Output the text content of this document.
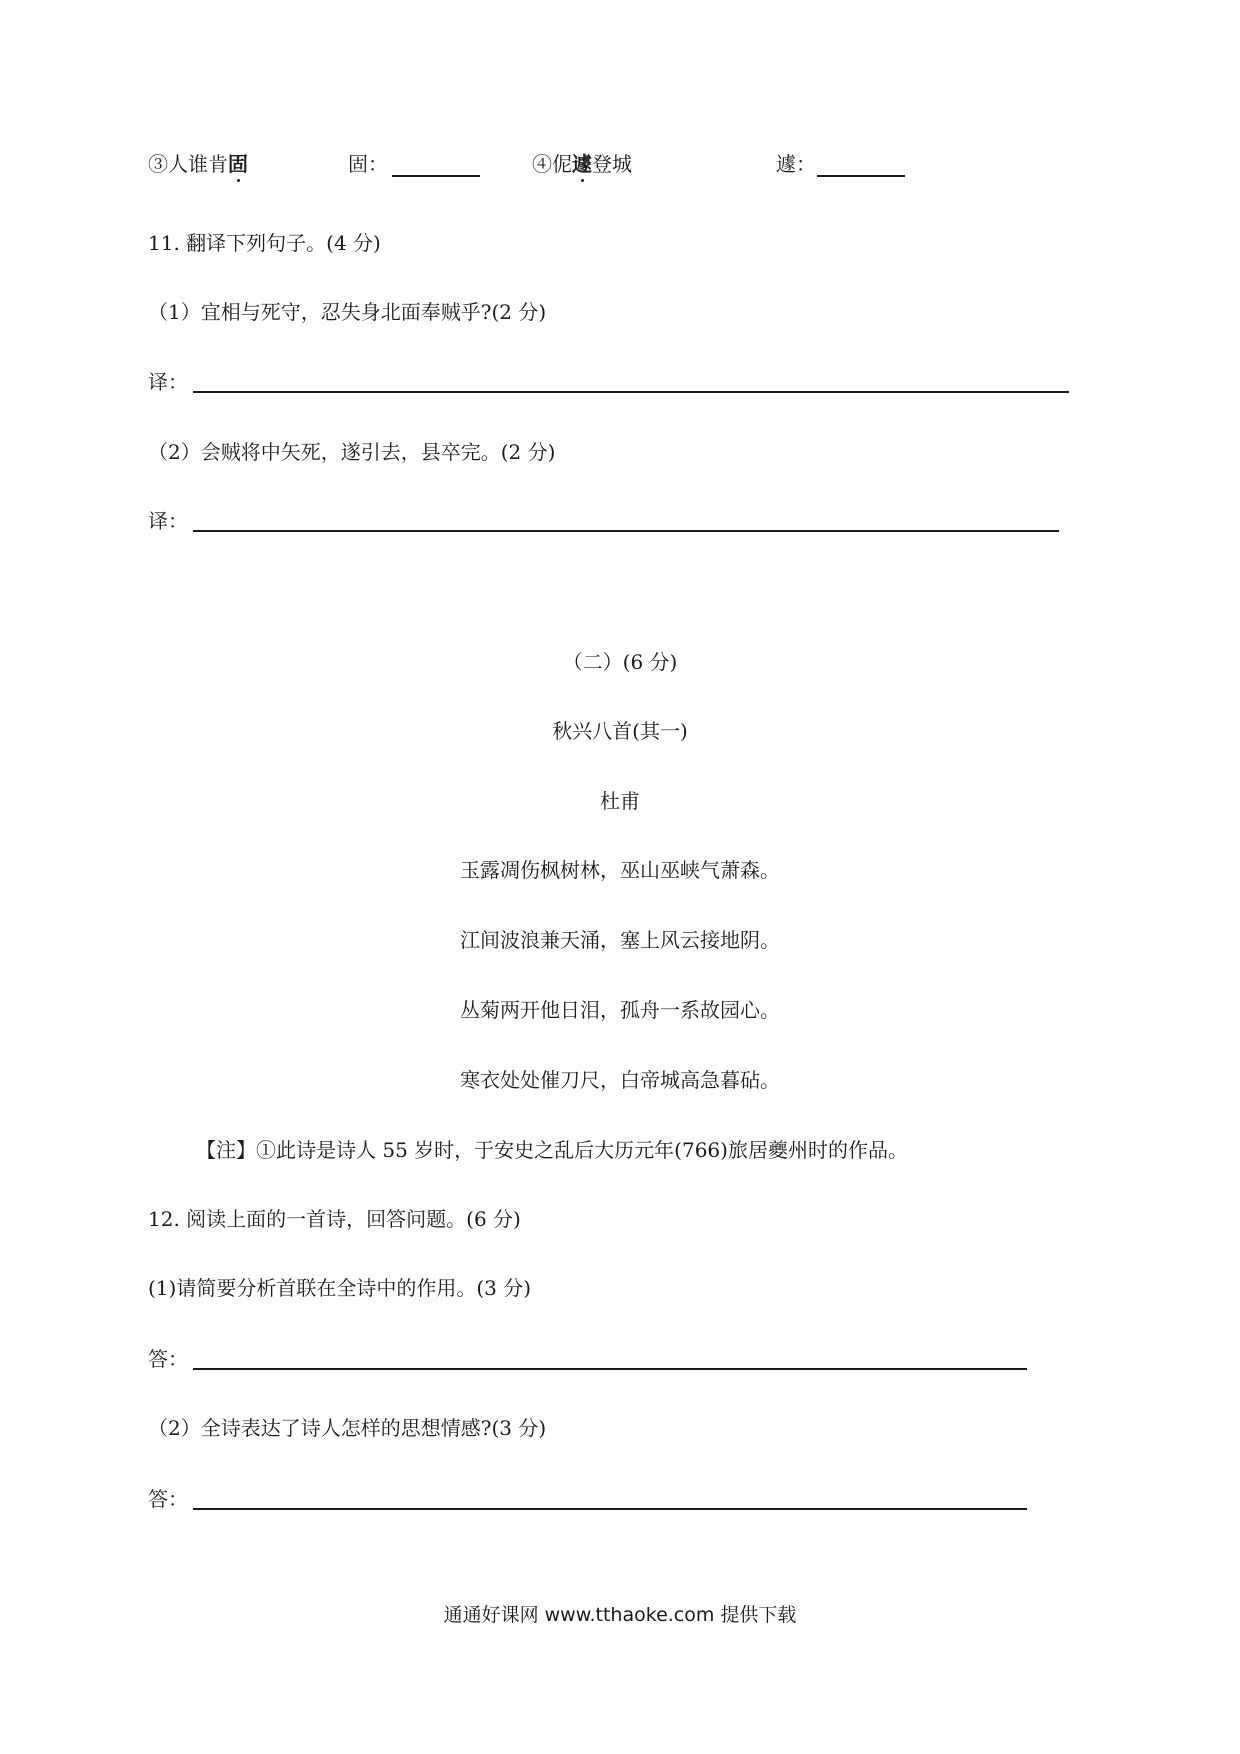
③人谁肯固	固：	④伲遽登城	遽：
11. 翻译下列句子。(4 分)
（1）宜相与死守，忍失身北面奉贼乎?(2 分)
译：
（2）会贼将中矢死，遂引去，县卒完。(2 分)
译：
（二）(6 分)
秋兴八首(其一)
杜甫
玉露凋伤枫树林，巫山巫峡气萧森。
江间波浪兼天涌，塞上风云接地阴。
丛菊两开他日泪，孤舟一系故园心。
寒衣处处催刀尺，白帝城高急暮砧。
【注】①此诗是诗人 55 岁时，于安史之乱后大历元年(766)旅居夔州时的作品。
12. 阅读上面的一首诗，回答问题。(6 分)
(1)请简要分析首联在全诗中的作用。(3 分)
答：
（2）全诗表达了诗人怎样的思想情感?(3 分)
答：
通通好课网 www.tthaoke.com 提供下载
